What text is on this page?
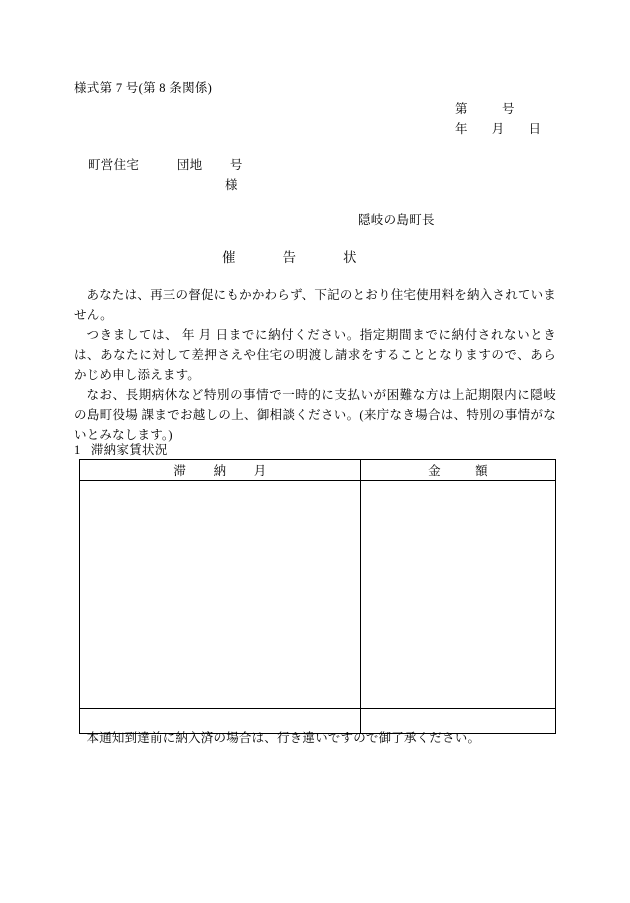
様式第 7 号(第 8 条関係)
第          号
年       月       日
町営住宅           団地        号
様
隠岐の島町長
催            告            状

あなたは、再三の督促にもかかわらず、下記のとおり住宅使用料を納入されていません。

つきましては、 年 月 日までに納付ください。指定期間までに納付されないときは、あなたに対して差押さえや住宅の明渡し請求をすることとなりますので、あらかじめ申し添えます。

なお、長期病休など特別の事情で一時的に支払いが困難な方は上記期限内に隠岐の島町役場 課までお越しの上、御相談ください。(来庁なき場合は、特別の事情がないとみなします。)

1   滞納家賃状況
滞        納        月	金          額

本通知到達前に納入済の場合は、行き違いですので御了承ください。
